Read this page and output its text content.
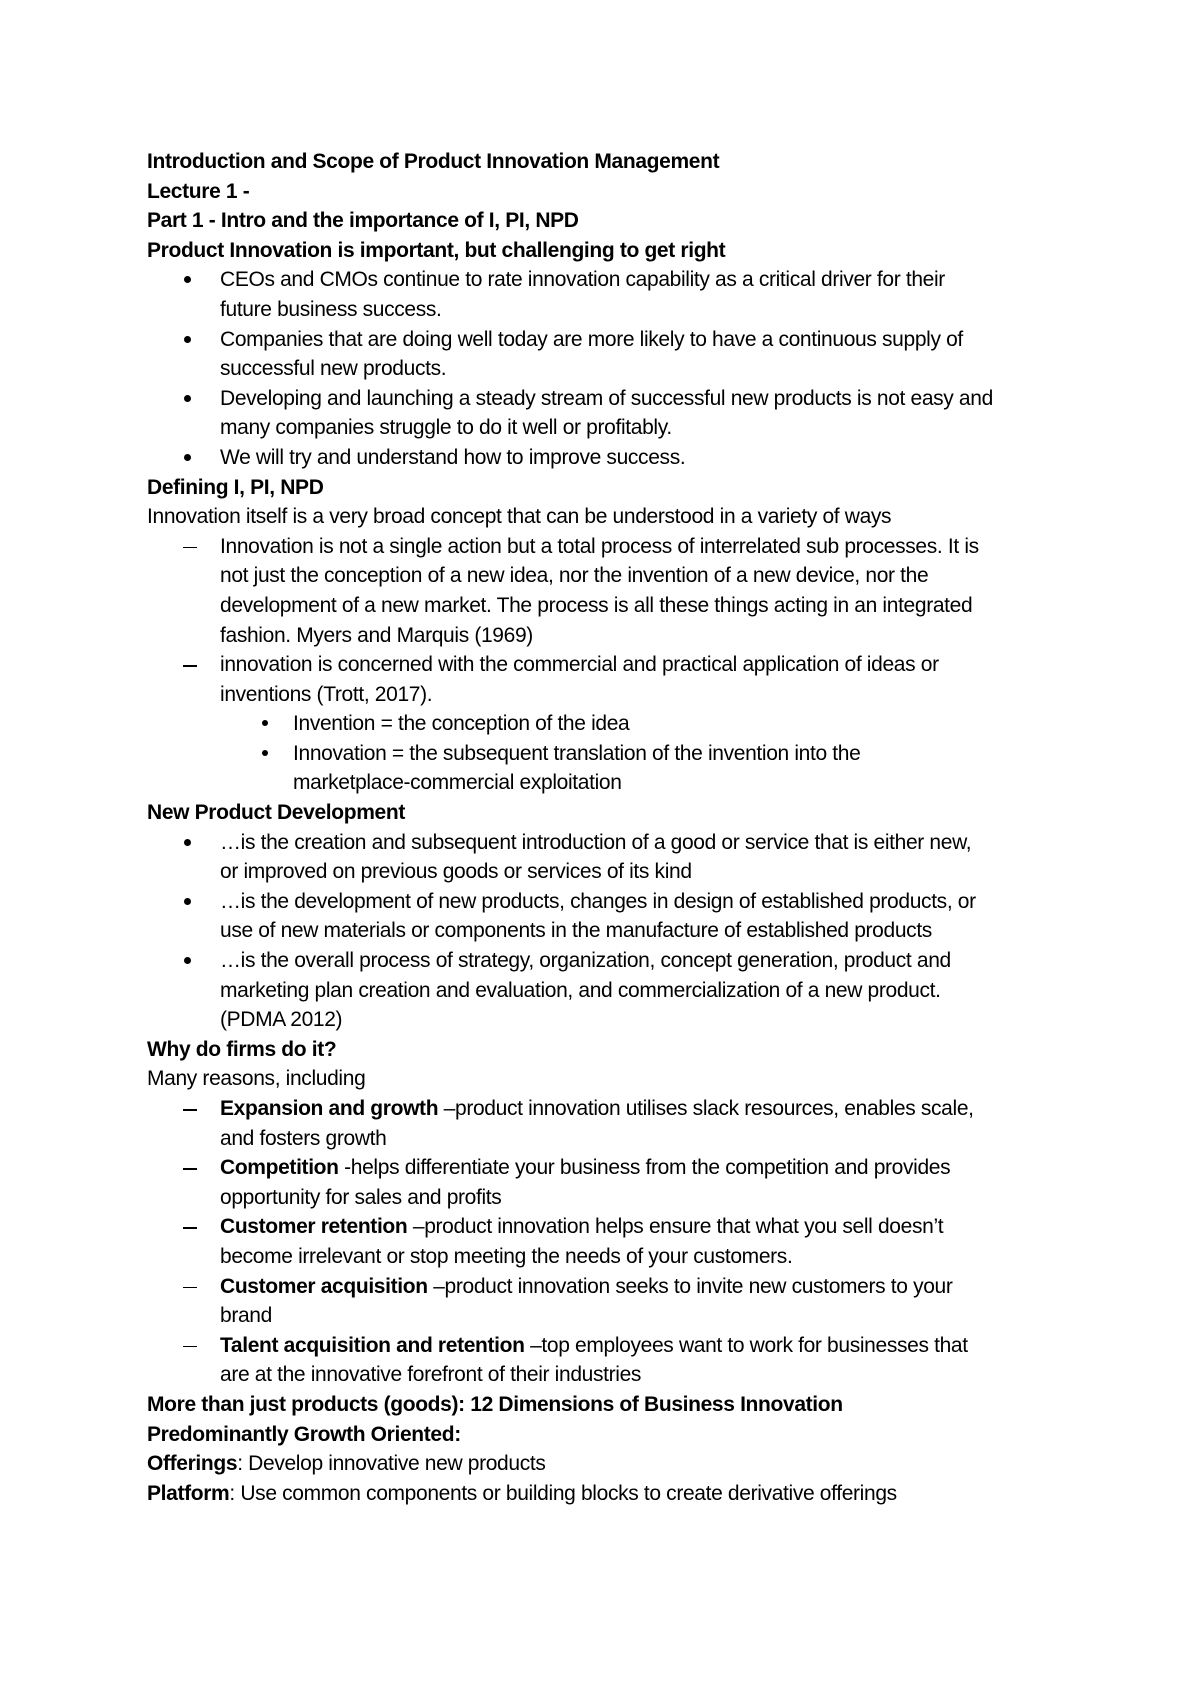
Introduction and Scope of Product Innovation Management
Lecture 1 -
Part 1 - Intro and the importance of I, PI, NPD
Product Innovation is important, but challenging to get right
CEOs and CMOs continue to rate innovation capability as a critical driver for their
future business success.
Companies that are doing well today are more likely to have a continuous supply of
successful new products.
Developing and launching a steady stream of successful new products is not easy and
many companies struggle to do it well or profitably.
We will try and understand how to improve success.
Defining I, PI, NPD
Innovation itself is a very broad concept that can be understood in a variety of ways
Innovation is not a single action but a total process of interrelated sub processes. It is
not just the conception of a new idea, nor the invention of a new device, nor the
development of a new market. The process is all these things acting in an integrated
fashion. Myers and Marquis (1969)
innovation is concerned with the commercial and practical application of ideas or
inventions (Trott, 2017).
Invention = the conception of the idea
Innovation = the subsequent translation of the invention into the
marketplace-commercial exploitation
New Product Development
…is the creation and subsequent introduction of a good or service that is either new,
or improved on previous goods or services of its kind
…is the development of new products, changes in design of established products, or
use of new materials or components in the manufacture of established products
…is the overall process of strategy, organization, concept generation, product and
marketing plan creation and evaluation, and commercialization of a new product.
(PDMA 2012)
Why do firms do it?
Many reasons, including
Expansion and growth –product innovation utilises slack resources, enables scale,
and fosters growth
Competition -helps differentiate your business from the competition and provides
opportunity for sales and profits
Customer retention –product innovation helps ensure that what you sell doesn’t
become irrelevant or stop meeting the needs of your customers.
Customer acquisition –product innovation seeks to invite new customers to your
brand
Talent acquisition and retention –top employees want to work for businesses that
are at the innovative forefront of their industries
More than just products (goods): 12 Dimensions of Business Innovation
Predominantly Growth Oriented:
Offerings: Develop innovative new products
Platform: Use common components or building blocks to create derivative offerings
